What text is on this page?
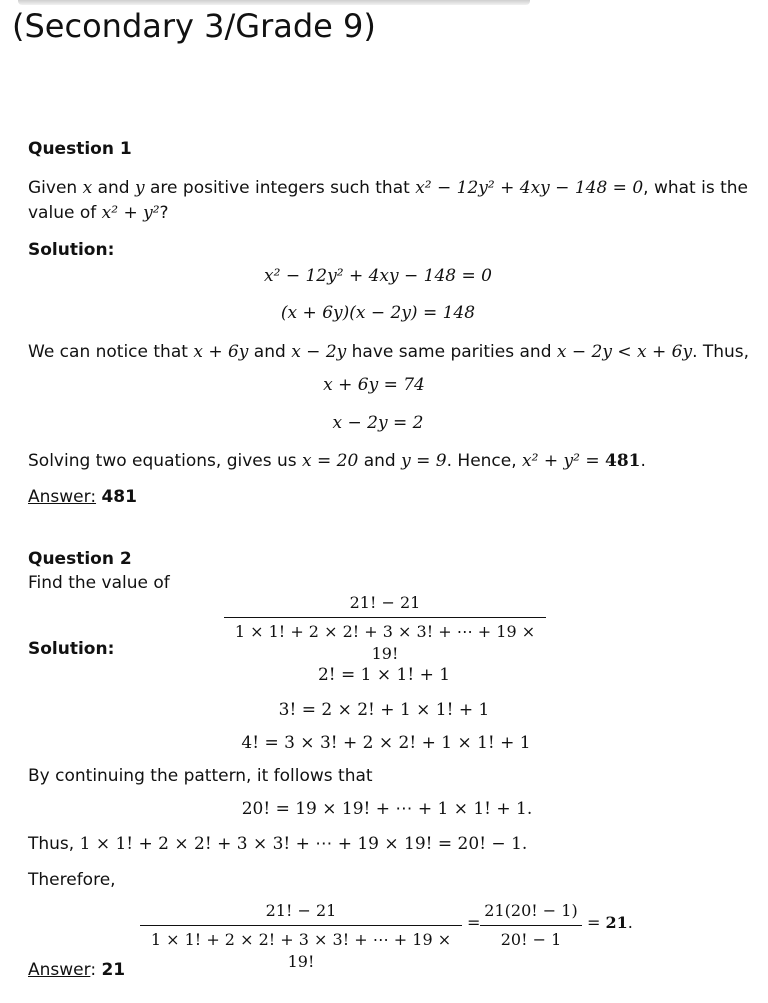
(Secondary 3/Grade 9)
Question 1
Given x and y are positive integers such that x² − 12y² + 4xy − 148 = 0, what is the
value of x² + y²?
Solution:
x² − 12y² + 4xy − 148 = 0
(x + 6y)(x − 2y) = 148
We can notice that x + 6y and x − 2y have same parities and x − 2y < x + 6y. Thus,
x + 6y = 74
x − 2y = 2
Solving two equations, gives us x = 20 and y = 9. Hence, x² + y² = 481.
Answer: 481
Question 2
Find the value of
21! − 21
1 × 1! + 2 × 2! + 3 × 3! + ⋯ + 19 × 19!
Solution:
2! = 1 × 1! + 1
3! = 2 × 2! + 1 × 1! + 1
4! = 3 × 3! + 2 × 2! + 1 × 1! + 1
By continuing the pattern, it follows that
20! = 19 × 19! + ⋯ + 1 × 1! + 1.
Thus, 1 × 1! + 2 × 2! + 3 × 3! + ⋯ + 19 × 19! = 20! − 1.
Therefore,
21! − 21
1 × 1! + 2 × 2! + 3 × 3! + ⋯ + 19 × 19!
=
21(20! − 1)
20! − 1
= 21.
Answer: 21
